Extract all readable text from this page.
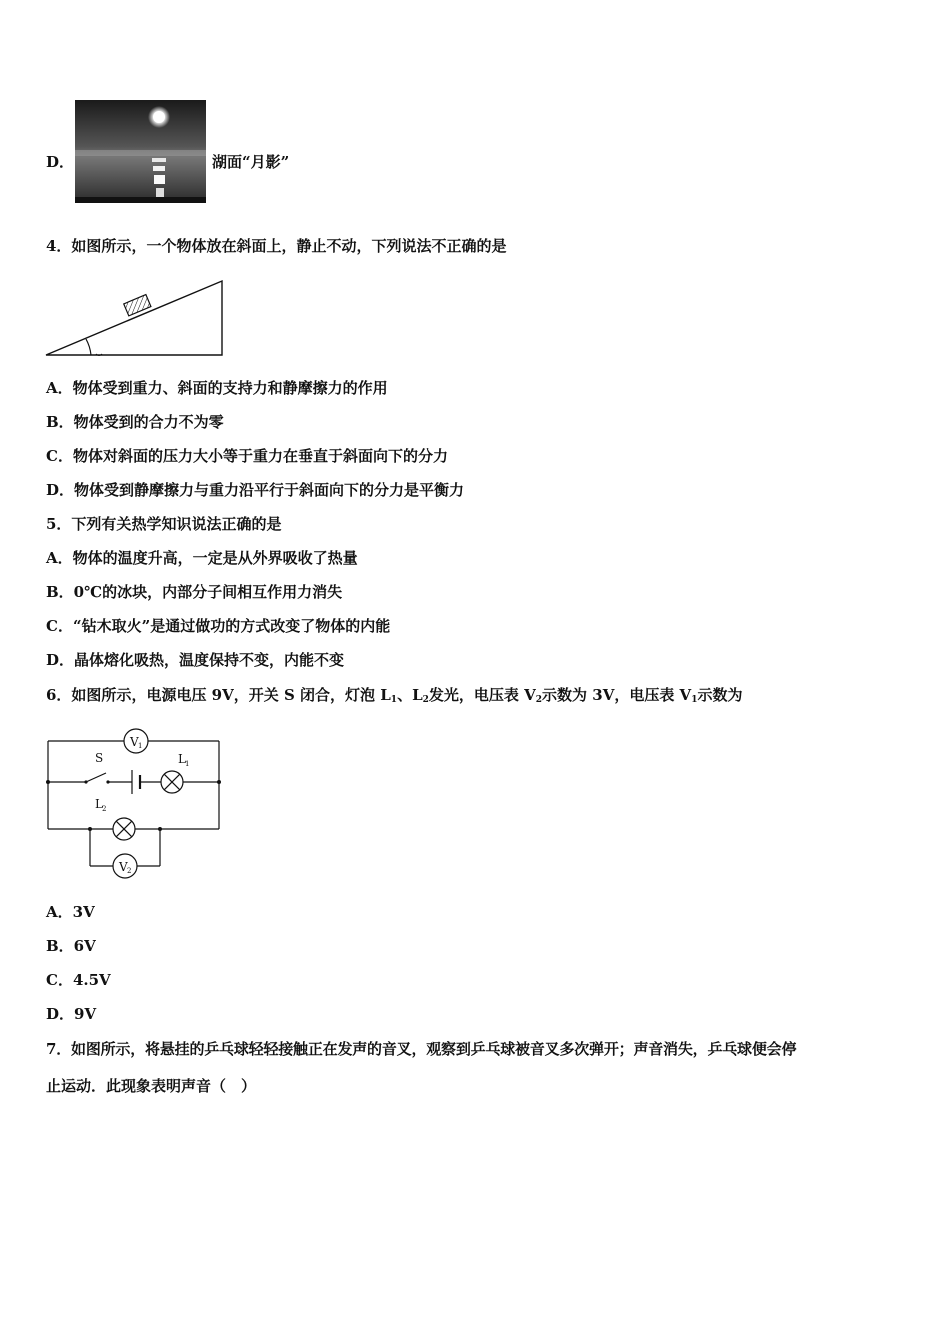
D．	湖面“月影”
4．如图所示，一个物体放在斜面上，静止不动，下列说法不正确的是
A．物体受到重力、斜面的支持力和静摩擦力的作用
B．物体受到的合力不为零
C．物体对斜面的压力大小等于重力在垂直于斜面向下的分力
D．物体受到静摩擦力与重力沿平行于斜面向下的分力是平衡力
5．下列有关热学知识说法正确的是
A．物体的温度升高，一定是从外界吸收了热量
B．0℃的冰块，内部分子间相互作用力消失
C．“钻木取火”是通过做功的方式改变了物体的内能
D．晶体熔化吸热，温度保持不变，内能不变
6．如图所示，电源电压 9V，开关 S 闭合，灯泡 $L_1$、$L_2$发光，电压表 $V_2$示数为 3V，电压表 $V_1$示数为
V 1
L 1
S
L 2
V 2
A．3V
B．6V
C．4.5V
D．9V
7．如图所示，将悬挂的乒乓球轻轻接触正在发声的音叉，观察到乒乓球被音叉多次弹开；声音消失，乒乓球便会停
止运动．此现象表明声音（　）
